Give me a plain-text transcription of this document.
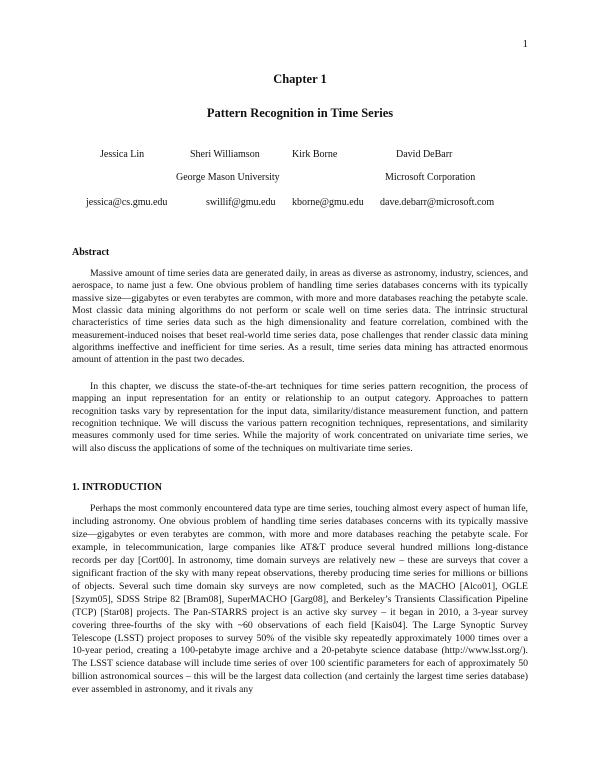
1
Chapter 1
Pattern Recognition in Time Series
Jessica Lin	Sheri Williamson	Kirk Borne	David DeBarr
George Mason University	Microsoft Corporation
jessica@cs.gmu.edu	swillif@gmu.edu kborne@gmu.edu dave.debarr@microsoft.com
Abstract

Massive amount of time series data are generated daily, in areas as diverse as astronomy, industry, sciences, and aerospace, to name just a few. One obvious problem of handling time series databases concerns with its typically massive size—gigabytes or even terabytes are common, with more and more databases reaching the petabyte scale. Most classic data mining algorithms do not perform or scale well on time series data. The intrinsic structural characteristics of time series data such as the high dimensionality and feature correlation, combined with the measurement-induced noises that beset real-world time series data, pose challenges that render classic data mining algorithms ineffective and inefficient for time series. As a result, time series data mining has attracted enormous amount of attention in the past two decades.

In this chapter, we discuss the state-of-the-art techniques for time series pattern recognition, the process of mapping an input representation for an entity or relationship to an output category. Approaches to pattern recognition tasks vary by representation for the input data, similarity/distance measurement function, and pattern recognition technique. We will discuss the various pattern recognition techniques, representations, and similarity measures commonly used for time series. While the majority of work concentrated on univariate time series, we will also discuss the applications of some of the techniques on multivariate time series.

1. INTRODUCTION

Perhaps the most commonly encountered data type are time series, touching almost every aspect of human life, including astronomy. One obvious problem of handling time series databases concerns with its typically massive size—gigabytes or even terabytes are common, with more and more databases reaching the petabyte scale. For example, in telecommunication, large companies like AT&T produce several hundred millions long-distance records per day [Cort00]. In astronomy, time domain surveys are relatively new – these are surveys that cover a significant fraction of the sky with many repeat observations, thereby producing time series for millions or billions of objects. Several such time domain sky surveys are now completed, such as the MACHO [Alco01], OGLE [Szym05], SDSS Stripe 82 [Bram08], SuperMACHO [Garg08], and Berkeley’s Transients Classification Pipeline (TCP) [Star08] projects. The Pan-STARRS project is an active sky survey – it began in 2010, a 3-year survey covering three-fourths of the sky with ~60 observations of each field [Kais04]. The Large Synoptic Survey Telescope (LSST) project proposes to survey 50% of the visible sky repeatedly approximately 1000 times over a 10-year period, creating a 100-petabyte image archive and a 20-petabyte science database (http://www.lsst.org/). The LSST science database will include time series of over 100 scientific parameters for each of approximately 50 billion astronomical sources – this will be the largest data collection (and certainly the largest time series database) ever assembled in astronomy, and it rivals any
